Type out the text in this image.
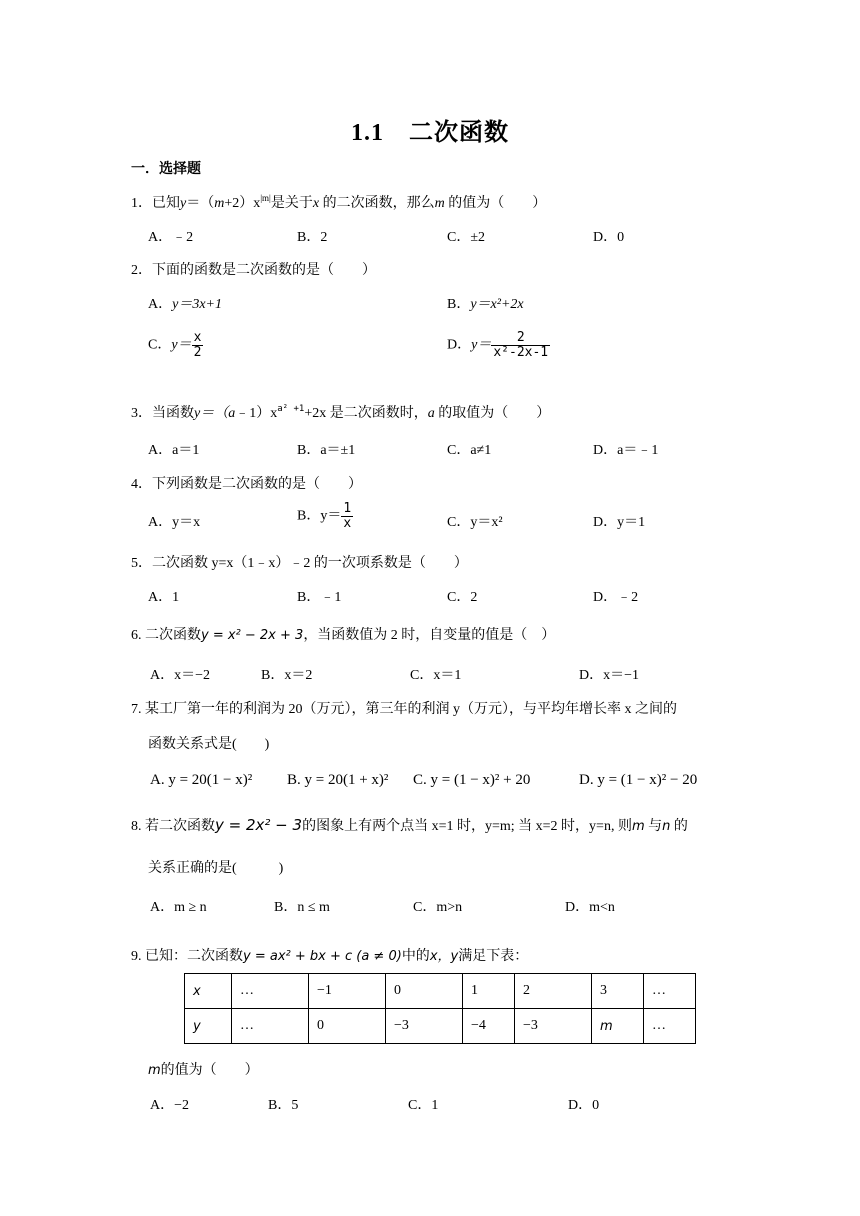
1.1　二次函数
一．选择题
1．已知$y=(m+2)x^{|m|}$是关于x 的二次函数，那么m 的值为（　　）
A．﹣2	B．2	C．±2	D．0
2．下面的函数是二次函数的是（　　）
A．y＝3x+1	B．y＝x²+2x
C．$y= \frac{x}{2}$	D．$y= \frac{2}{\text{x²-2x-1}}$
3．当函数$y=(a﹣1)x^{a^2 +1}+2x$ 是二次函数时，a 的取值为（　　）
A．a＝1	B．a＝±1	C．a≠1	D．a＝﹣1
4．下列函数是二次函数的是（　　）
A．y＝x	B．$y= \frac{1}{x}$	C．y＝x²	D．y＝1
5．二次函数 y=x（1﹣x）﹣2 的一次项系数是（　　）
A．1	B．﹣1	C．2	D．﹣2
6. 二次函数y = x² − 2x + 3，当函数值为 2 时，自变量的值是（　）
A．x＝−2	B．x＝2	C．x＝1	D．x＝−1
7. 某工厂第一年的利润为 20（万元），第三年的利润 y（万元），与平均年增长率 x 之间的
函数关系式是(　　)
A. y = 20(1 − x)² B. y = 20(1 + x)² C. y = (1 − x)² + 20	D. y = (1 − x)² − 20
8. 若二次函数y = 2x² − 3的图象上有两个点当 x=1 时，y=m; 当 x=2 时，y=n, 则m 与n 的
关系正确的是(　　　)
A．m ≥ n	B．n ≤ m	C．m>n	D．m<n
9. 已知：二次函数y = ax² + bx + c (a ≠ 0)中的x，y满足下表：
x	…	−1	0	1	2	3	…
y	…	0	−3	−4	−3	m	…
m的值为（　　）
A．−2	B．5	C．1	D．0
